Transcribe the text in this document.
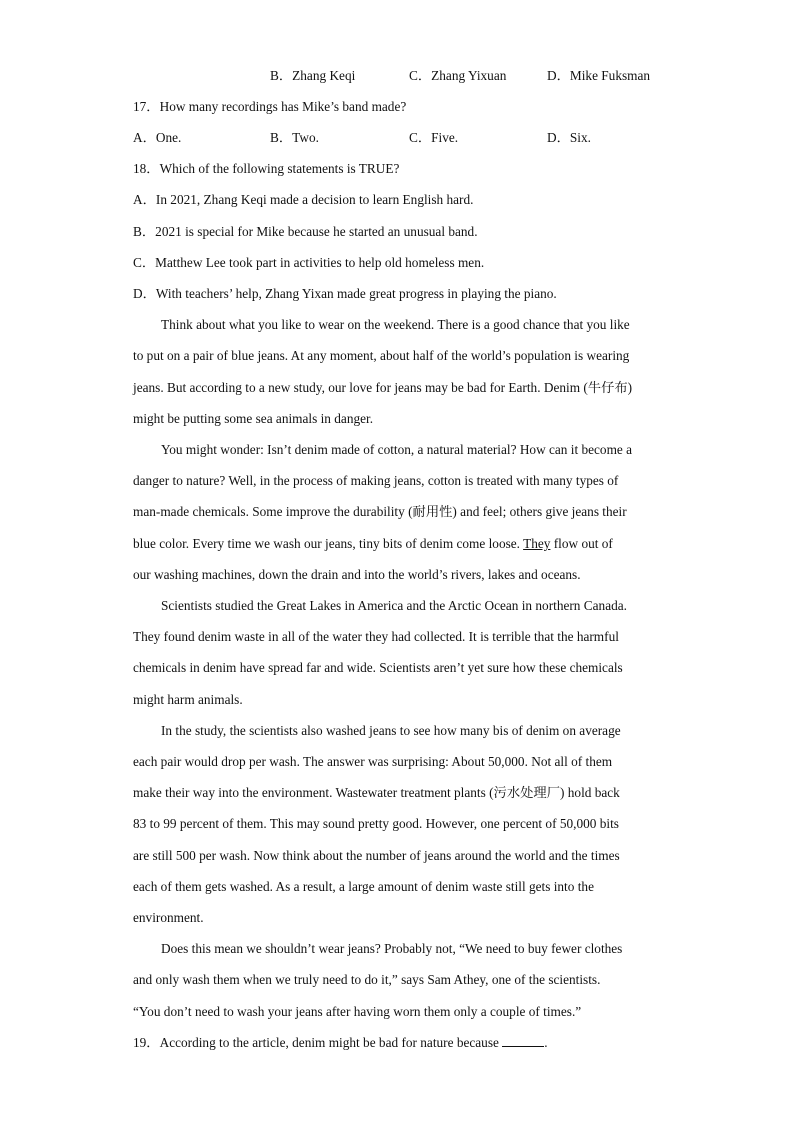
B．Zhang Keqi	C．Zhang Yixuan	D．Mike Fuksman
17．How many recordings has Mike’s band made?
A．One.	B．Two.	C．Five.	D．Six.
18．Which of the following statements is TRUE?
A．In 2021, Zhang Keqi made a decision to learn English hard.
B．2021 is special for Mike because he started an unusual band.
C．Matthew Lee took part in activities to help old homeless men.
D．With teachers’ help, Zhang Yixan made great progress in playing the piano.
Think about what you like to wear on the weekend. There is a good chance that you like
to put on a pair of blue jeans. At any moment, about half of the world’s population is wearing
jeans. But according to a new study, our love for jeans may be bad for Earth. Denim (牛仔布)
might be putting some sea animals in danger.
You might wonder: Isn’t denim made of cotton, a natural material? How can it become a
danger to nature? Well, in the process of making jeans, cotton is treated with many types of
man-made chemicals. Some improve the durability (耐用性) and feel; others give jeans their
blue color. Every time we wash our jeans, tiny bits of denim come loose. They flow out of
our washing machines, down the drain and into the world’s rivers, lakes and oceans.
Scientists studied the Great Lakes in America and the Arctic Ocean in northern Canada.
They found denim waste in all of the water they had collected. It is terrible that the harmful
chemicals in denim have spread far and wide. Scientists aren’t yet sure how these chemicals
might harm animals.
In the study, the scientists also washed jeans to see how many bis of denim on average
each pair would drop per wash. The answer was surprising: About 50,000. Not all of them
make their way into the environment. Wastewater treatment plants (污水处理厂) hold back
83 to 99 percent of them. This may sound pretty good. However, one percent of 50,000 bits
are still 500 per wash. Now think about the number of jeans around the world and the times
each of them gets washed. As a result, a large amount of denim waste still gets into the
environment.
Does this mean we shouldn’t wear jeans? Probably not, “We need to buy fewer clothes
and only wash them when we truly need to do it,” says Sam Athey, one of the scientists.
“You don’t need to wash your jeans after having worn them only a couple of times.”
19．According to the article, denim might be bad for nature because	.
